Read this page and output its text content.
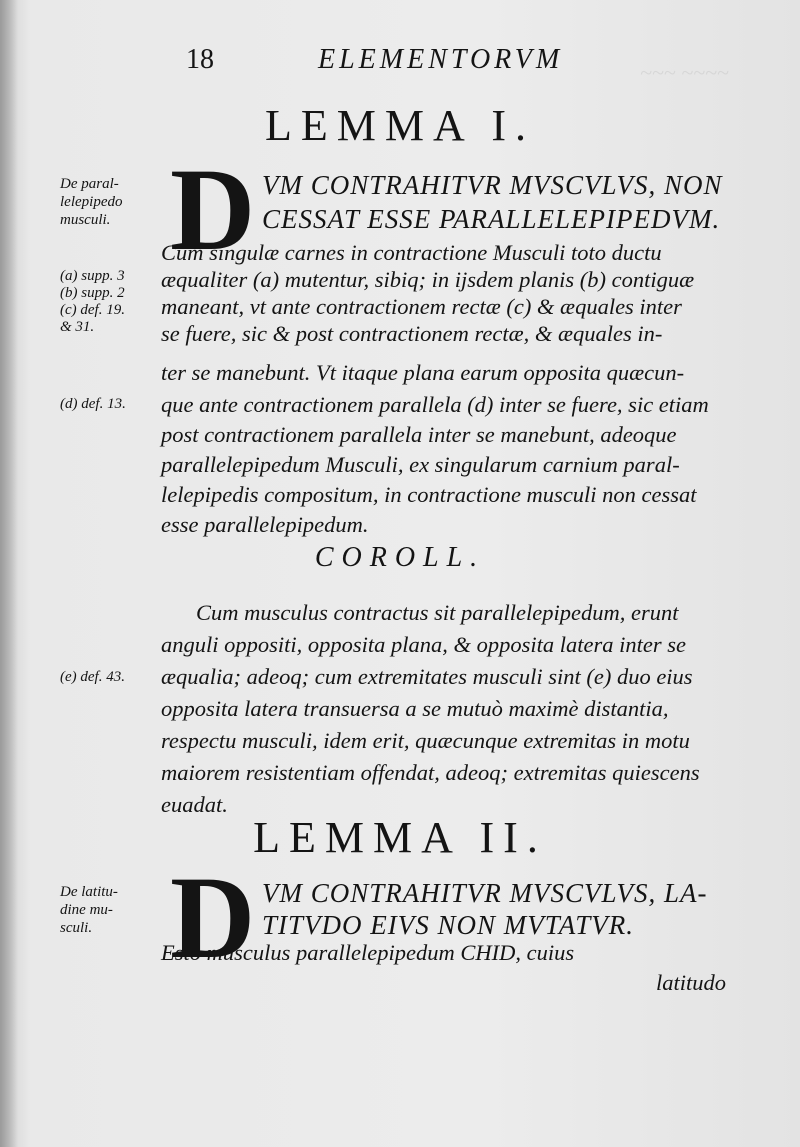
~~~ ~~~~
18	ELEMENTORVM
LEMMA I.
De paral-
lelepipedo
musculi. D VM CONTRAHITVR MVSCVLVS, NON
CESSAT ESSE PARALLELEPIPEDVM.
Cum singulæ carnes in contractione Musculi toto ductu
æqualiter (a) mutentur, sibiq; in ijsdem planis (b) contiguæ
maneant, vt ante contractionem rectæ (c) & æquales inter
se fuere, sic & post contractionem rectæ, & æquales in-
ter se manebunt. Vt itaque plana earum opposita quæcun-
que ante contractionem parallela (d) inter se fuere, sic etiam
post contractionem parallela inter se manebunt, adeoque
parallelepipedum Musculi, ex singularum carnium paral-
lelepipedis compositum, in contractione musculi non cessat
esse parallelepipedum.
(a) supp. 3
(b) supp. 2
(c) def. 19.
& 31.
(d) def. 13.
COROLL.
Cum musculus contractus sit parallelepipedum, erunt
anguli oppositi, opposita plana, & opposita latera inter se
æqualia; adeoq; cum extremitates musculi sint (e) duo eius
opposita latera transuersa a se mutuò maximè distantia,
respectu musculi, idem erit, quæcunque extremitas in motu
maiorem resistentiam offendat, adeoq; extremitas quiescens
euadat.
(e) def. 43.
LEMMA II.
De latitu-
dine mu-
sculi. D VM CONTRAHITVR MVSCVLVS, LA-
TITVDO EIVS NON MVTATVR.
Esto musculus parallelepipedum CHID, cuius
latitudo
